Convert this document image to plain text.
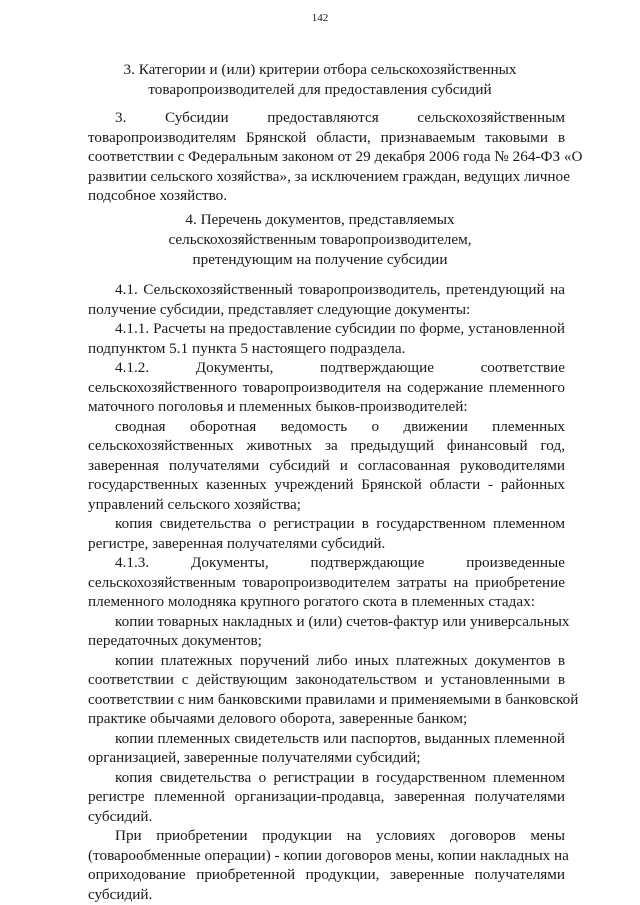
142
3. Категории и (или) критерии отбора сельскохозяйственных
товаропроизводителей для предоставления субсидий
3. Субсидии предоставляются сельскохозяйственным
товаропроизводителям Брянской области, признаваемым таковыми в
соответствии с Федеральным законом от 29 декабря 2006 года № 264-ФЗ «О
развитии сельского хозяйства», за исключением граждан, ведущих личное
подсобное хозяйство.
4. Перечень документов, представляемых
сельскохозяйственным товаропроизводителем,
претендующим на получение субсидии
4.1. Сельскохозяйственный товаропроизводитель, претендующий на
получение субсидии, представляет следующие документы:
4.1.1. Расчеты на предоставление субсидии по форме, установленной
подпунктом 5.1 пункта 5 настоящего подраздела.
4.1.2. Документы, подтверждающие соответствие
сельскохозяйственного товаропроизводителя на содержание племенного
маточного поголовья и племенных быков-производителей:
сводная оборотная ведомость о движении племенных
сельскохозяйственных животных за предыдущий финансовый год,
заверенная получателями субсидий и согласованная руководителями
государственных казенных учреждений Брянской области - районных
управлений сельского хозяйства;
копия свидетельства о регистрации в государственном племенном
регистре, заверенная получателями субсидий.
4.1.3. Документы, подтверждающие произведенные
сельскохозяйственным товаропроизводителем затраты на приобретение
племенного молодняка крупного рогатого скота в племенных стадах:
копии товарных накладных и (или) счетов-фактур или универсальных
передаточных документов;
копии платежных поручений либо иных платежных документов в
соответствии с действующим законодательством и установленными в
соответствии с ним банковскими правилами и применяемыми в банковской
практике обычаями делового оборота, заверенные банком;
копии племенных свидетельств или паспортов, выданных племенной
организацией, заверенные получателями субсидий;
копия свидетельства о регистрации в государственном племенном
регистре племенной организации-продавца, заверенная получателями
субсидий.
При приобретении продукции на условиях договоров мены
(товарообменные операции) - копии договоров мены, копии накладных на
оприходование приобретенной продукции, заверенные получателями
субсидий.
